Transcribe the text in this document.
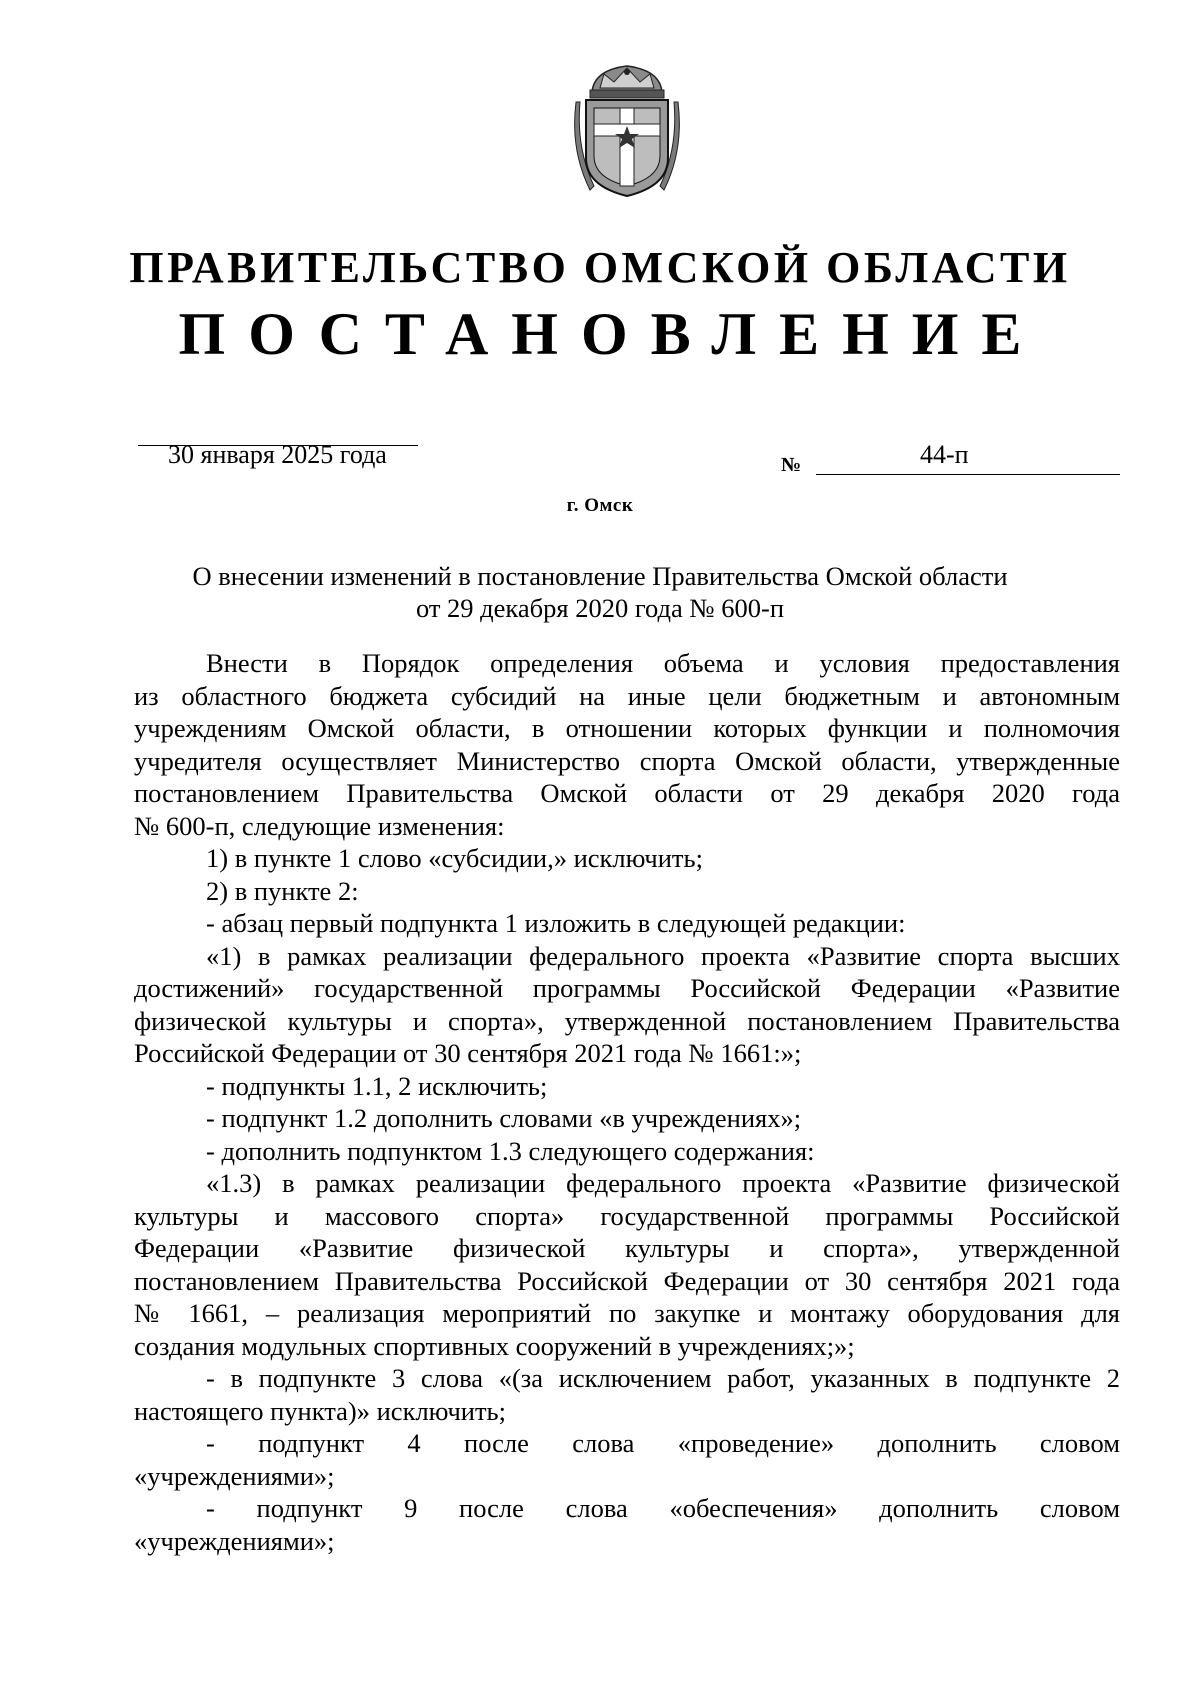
ПРАВИТЕЛЬСТВО ОМСКОЙ ОБЛАСТИ
ПОСТАНОВЛЕНИЕ
30 января 2025 года	№	44-п
г. Омск
О внесении изменений в постановление Правительства Омской области
от 29 декабря 2020 года № 600-п
Внести в Порядок определения объема и условия предоставления
из областного бюджета субсидий на иные цели бюджетным и автономным
учреждениям Омской области, в отношении которых функции и полномочия
учредителя осуществляет Министерство спорта Омской области, утвержденные
постановлением Правительства Омской области от 29 декабря 2020 года
№ 600-п, следующие изменения:
1) в пункте 1 слово «субсидии,» исключить;
2) в пункте 2:
- абзац первый подпункта 1 изложить в следующей редакции:
«1) в рамках реализации федерального проекта «Развитие спорта высших
достижений» государственной программы Российской Федерации «Развитие
физической культуры и спорта», утвержденной постановлением Правительства
Российской Федерации от 30 сентября 2021 года № 1661:»;
- подпункты 1.1, 2 исключить;
- подпункт 1.2 дополнить словами «в учреждениях»;
- дополнить подпунктом 1.3 следующего содержания:
«1.3) в рамках реализации федерального проекта «Развитие физической
культуры и массового спорта» государственной программы Российской
Федерации «Развитие физической культуры и спорта», утвержденной
постановлением Правительства Российской Федерации от 30 сентября 2021 года
№ 1661, – реализация мероприятий по закупке и монтажу оборудования для
создания модульных спортивных сооружений в учреждениях;»;
- в подпункте 3 слова «(за исключением работ, указанных в подпункте 2
настоящего пункта)» исключить;
- подпункт 4 после слова «проведение» дополнить словом
«учреждениями»;
- подпункт 9 после слова «обеспечения» дополнить словом
«учреждениями»;
